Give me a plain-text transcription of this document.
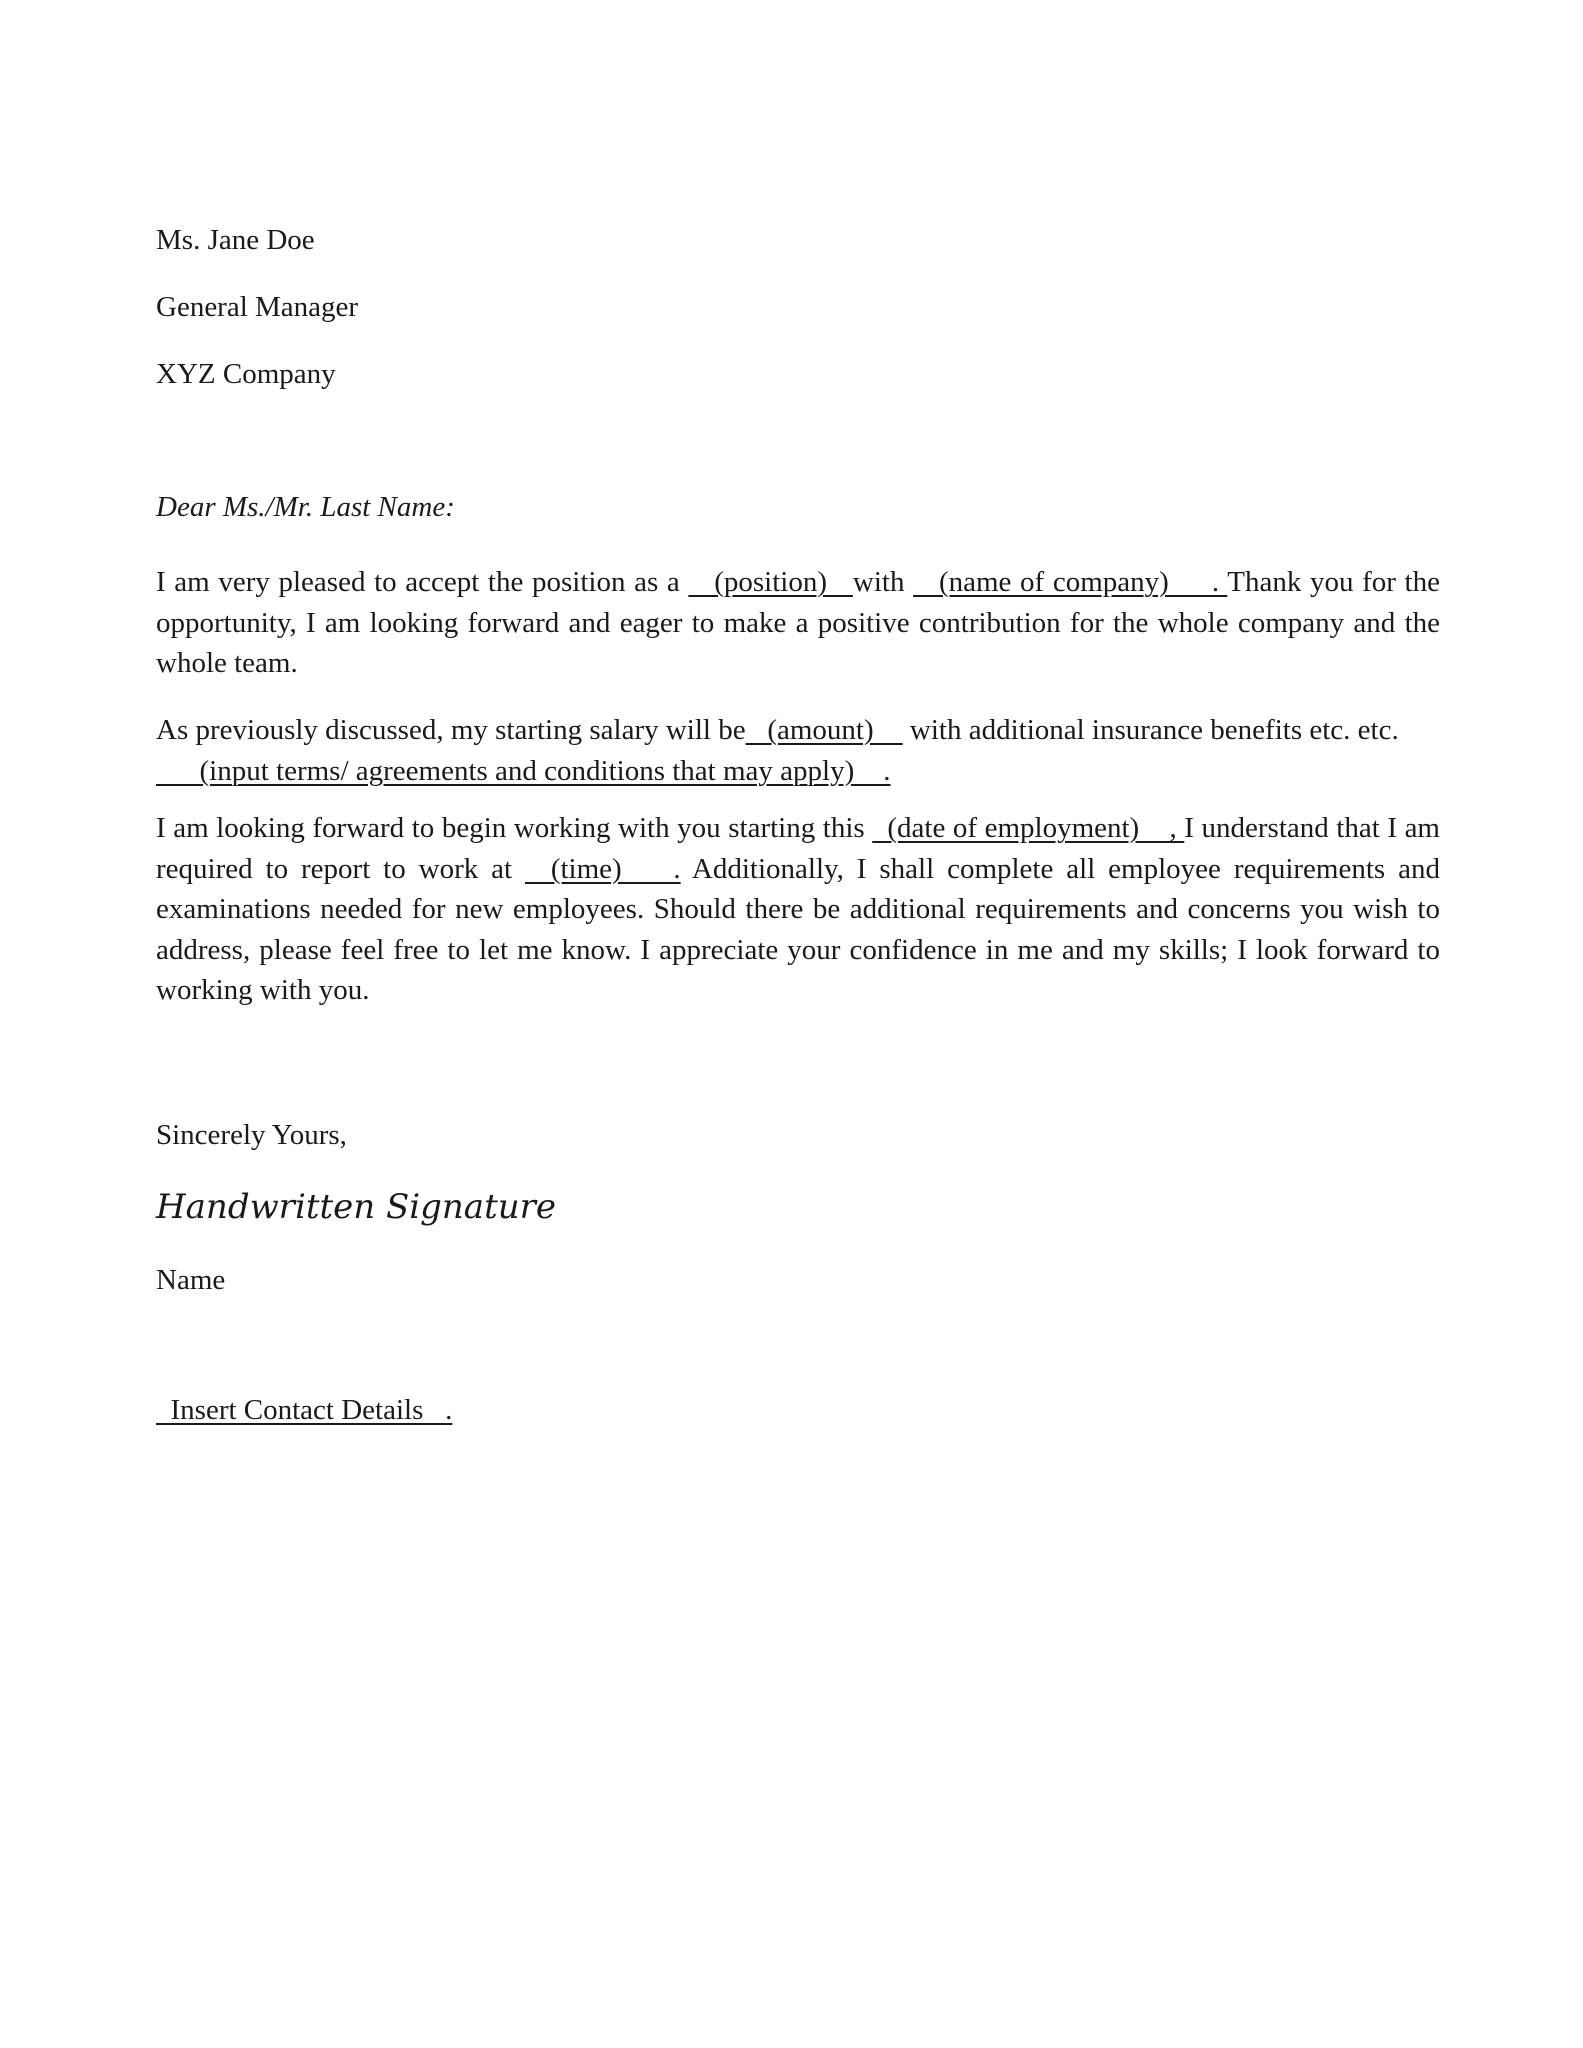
Ms. Jane Doe
General Manager
XYZ Company
Dear Ms./Mr. Last Name:
I am very pleased to accept the position as a    (position)   with    (name of company)     . Thank you for the opportunity, I am looking forward and eager to make a positive contribution for the whole company and the whole team.
As previously discussed, my starting salary will be   (amount)     with additional insurance benefits etc. etc.       (input terms/ agreements and conditions that may apply)    .
I am looking forward to begin working with you starting this   (date of employment)    , I understand that I am required to report to work at   (time)    . Additionally, I shall complete all employee requirements and examinations needed for new employees. Should there be additional requirements and concerns you wish to address, please feel free to let me know. I appreciate your confidence in me and my skills; I look forward to working with you.
Sincerely Yours,
Handwritten Signature
Name
Insert Contact Details   .
